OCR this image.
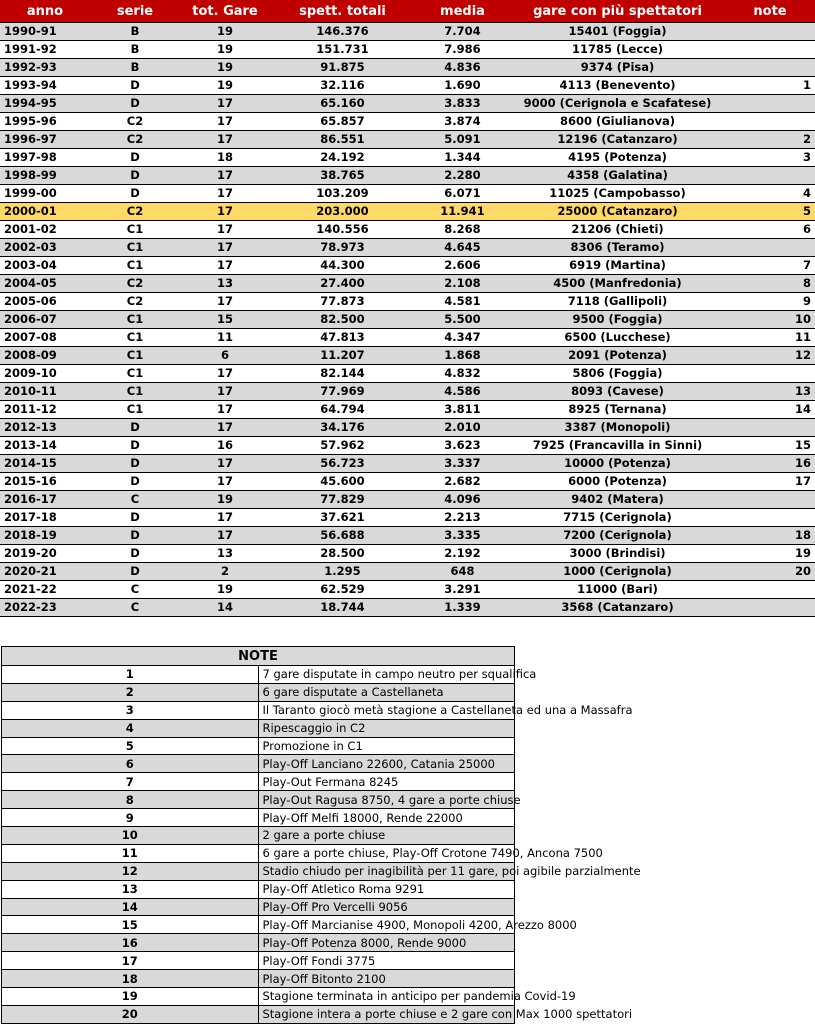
anno	serie	tot. Gare	spett. totali	media	gare con più spettatori	note
1990-91	B	19	146.376	7.704	15401 (Foggia)	
1991-92	B	19	151.731	7.986	11785 (Lecce)	
1992-93	B	19	91.875	4.836	9374 (Pisa)	
1993-94	D	19	32.116	1.690	4113 (Benevento)	1
1994-95	D	17	65.160	3.833	9000 (Cerignola e Scafatese)	
1995-96	C2	17	65.857	3.874	8600 (Giulianova)	
1996-97	C2	17	86.551	5.091	12196 (Catanzaro)	2
1997-98	D	18	24.192	1.344	4195 (Potenza)	3
1998-99	D	17	38.765	2.280	4358 (Galatina)	
1999-00	D	17	103.209	6.071	11025 (Campobasso)	4
2000-01	C2	17	203.000	11.941	25000 (Catanzaro)	5
2001-02	C1	17	140.556	8.268	21206 (Chieti)	6
2002-03	C1	17	78.973	4.645	8306 (Teramo)	
2003-04	C1	17	44.300	2.606	6919 (Martina)	7
2004-05	C2	13	27.400	2.108	4500 (Manfredonia)	8
2005-06	C2	17	77.873	4.581	7118 (Gallipoli)	9
2006-07	C1	15	82.500	5.500	9500 (Foggia)	10
2007-08	C1	11	47.813	4.347	6500 (Lucchese)	11
2008-09	C1	6	11.207	1.868	2091 (Potenza)	12
2009-10	C1	17	82.144	4.832	5806 (Foggia)	
2010-11	C1	17	77.969	4.586	8093 (Cavese)	13
2011-12	C1	17	64.794	3.811	8925 (Ternana)	14
2012-13	D	17	34.176	2.010	3387 (Monopoli)	
2013-14	D	16	57.962	3.623	7925 (Francavilla in Sinni)	15
2014-15	D	17	56.723	3.337	10000 (Potenza)	16
2015-16	D	17	45.600	2.682	6000 (Potenza)	17
2016-17	C	19	77.829	4.096	9402 (Matera)	
2017-18	D	17	37.621	2.213	7715 (Cerignola)	
2018-19	D	17	56.688	3.335	7200 (Cerignola)	18
2019-20	D	13	28.500	2.192	3000 (Brindisi)	19
2020-21	D	2	1.295	648	1000 (Cerignola)	20
2021-22	C	19	62.529	3.291	11000 (Bari)	
2022-23	C	14	18.744	1.339	3568 (Catanzaro)	
NOTE	
1	7 gare disputate in campo neutro per squalifica
2	6 gare disputate a Castellaneta
3	Il Taranto giocò metà stagione a Castellaneta ed una a Massafra
4	Ripescaggio in C2
5	Promozione in C1
6	Play-Off Lanciano 22600, Catania 25000
7	Play-Out Fermana 8245
8	Play-Out Ragusa 8750, 4 gare a porte chiuse
9	Play-Off Melfi 18000, Rende 22000
10	2 gare a porte chiuse
11	6 gare a porte chiuse, Play-Off Crotone 7490, Ancona 7500
12	Stadio chiudo per inagibilità per 11 gare, poi agibile parzialmente
13	Play-Off Atletico Roma 9291
14	Play-Off Pro Vercelli 9056
15	Play-Off Marcianise 4900, Monopoli 4200, Arezzo 8000
16	Play-Off Potenza 8000, Rende 9000
17	Play-Off Fondi 3775
18	Play-Off Bitonto 2100
19	Stagione terminata in anticipo per pandemia Covid-19
20	Stagione intera a porte chiuse e 2 gare con Max 1000 spettatori
